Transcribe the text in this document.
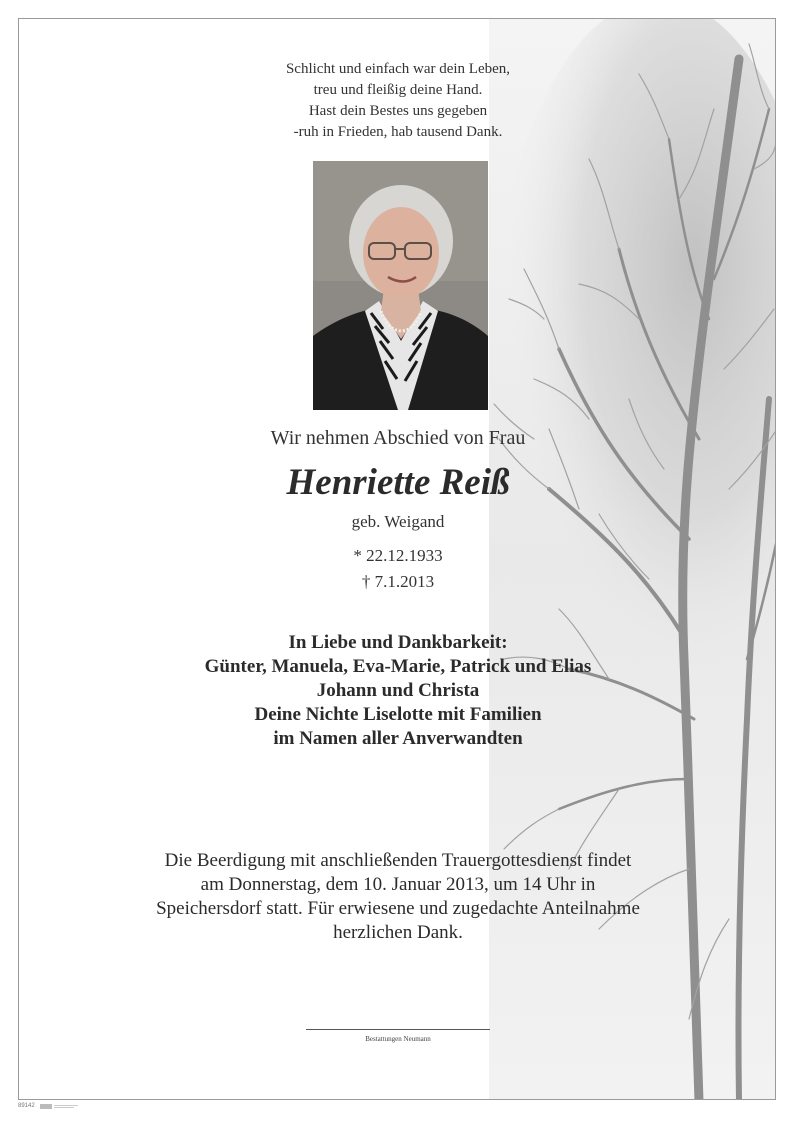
Schlicht und einfach war dein Leben,
treu und fleißig deine Hand.
Hast dein Bestes uns gegeben
-ruh in Frieden, hab tausend Dank.
Wir nehmen Abschied von Frau
Henriette Reiß
geb. Weigand
* 22.12.1933
† 7.1.2013
In Liebe und Dankbarkeit:
Günter, Manuela, Eva-Marie, Patrick und Elias
Johann und Christa
Deine Nichte Liselotte mit Familien
im Namen aller Anverwandten
Die Beerdigung mit anschließenden Trauergottesdienst findet
am Donnerstag, dem 10. Januar 2013, um 14 Uhr in
Speichersdorf statt. Für erwiesene und zugedachte Anteilnahme
herzlichen Dank.
Bestattungen Neumann
89142
